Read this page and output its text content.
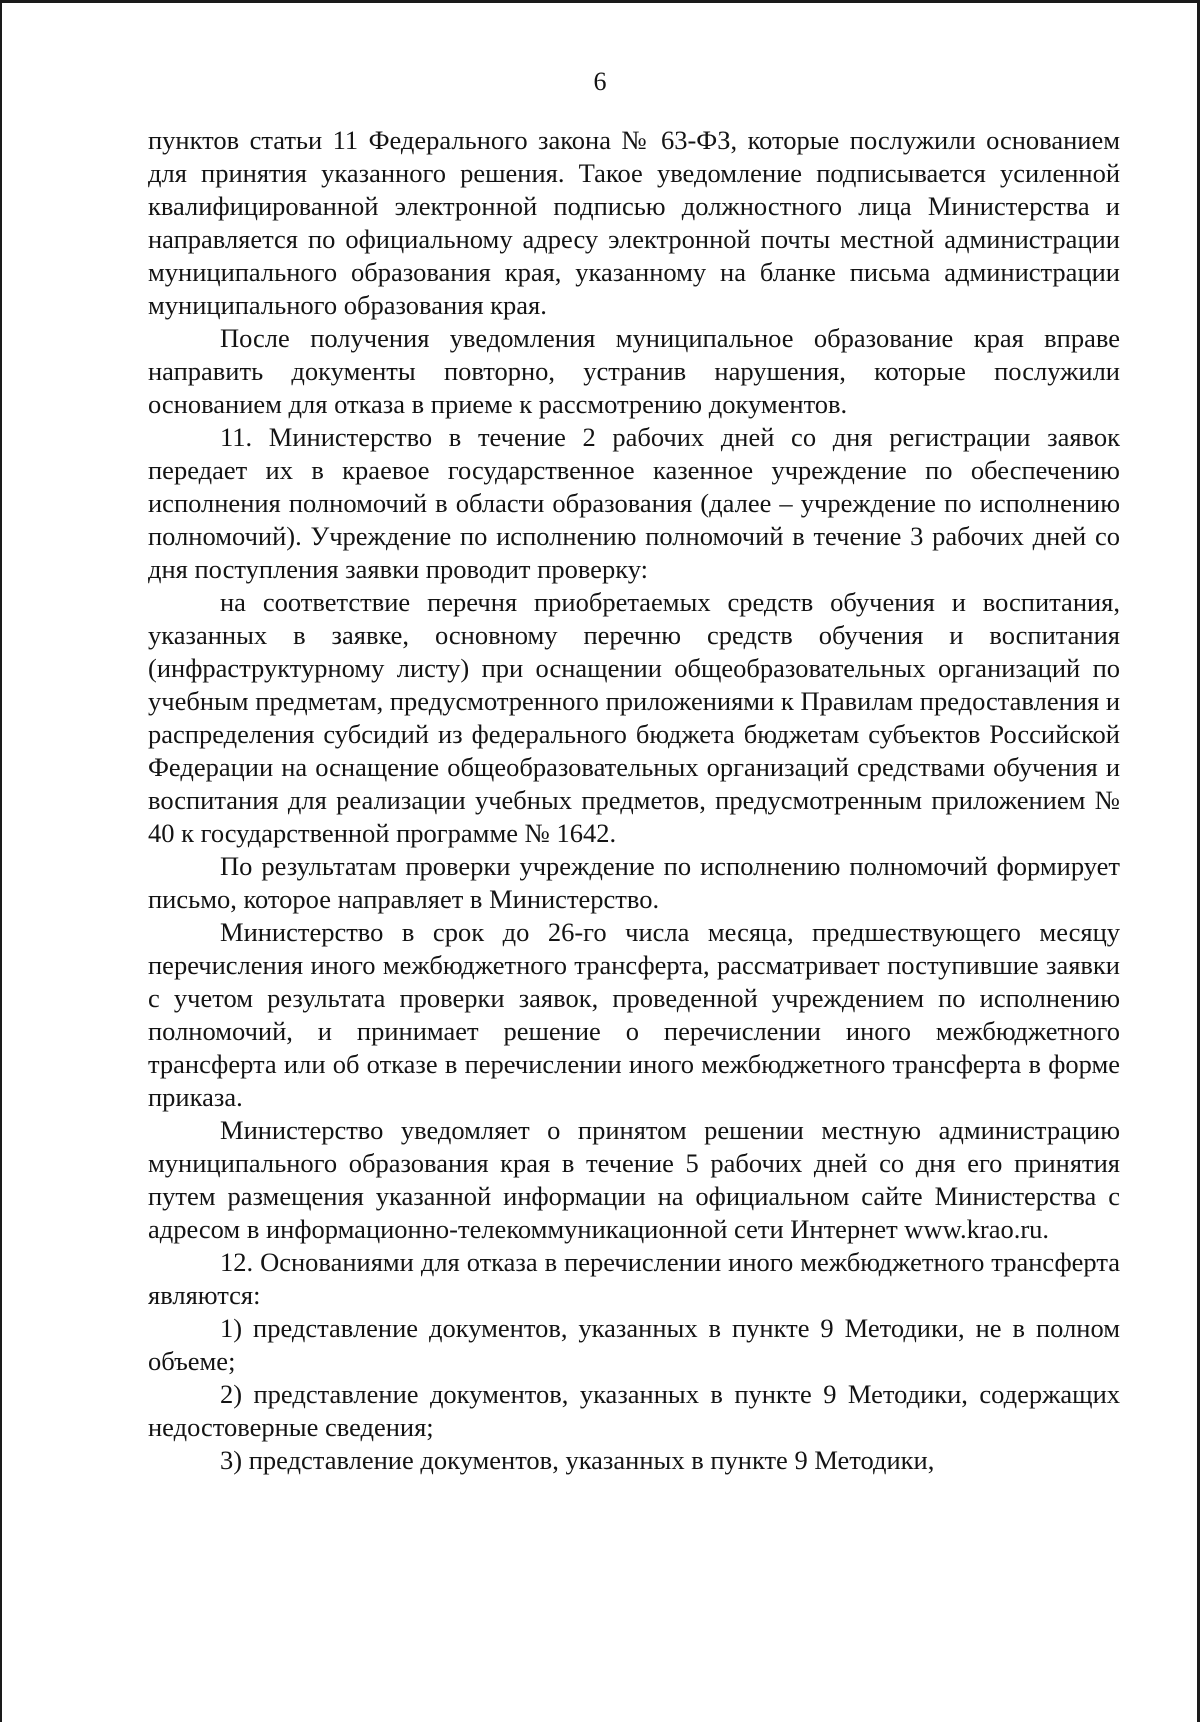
6

пунктов статьи 11 Федерального закона № 63-ФЗ, которые послужили основанием для принятия указанного решения. Такое уведомление подписывается усиленной квалифицированной электронной подписью должностного лица Министерства и направляется по официальному адресу электронной почты местной администрации муниципального образования края, указанному на бланке письма администрации муниципального образования края.

После получения уведомления муниципальное образование края вправе направить документы повторно, устранив нарушения, которые послужили основанием для отказа в приеме к рассмотрению документов.

11. Министерство в течение 2 рабочих дней со дня регистрации заявок передает их в краевое государственное казенное учреждение по обеспечению исполнения полномочий в области образования (далее – учреждение по исполнению полномочий). Учреждение по исполнению полномочий в течение 3 рабочих дней со дня поступления заявки проводит проверку:

на соответствие перечня приобретаемых средств обучения и воспитания, указанных в заявке, основному перечню средств обучения и воспитания (инфраструктурному листу) при оснащении общеобразовательных организаций по учебным предметам, предусмотренного приложениями к Правилам предоставления и распределения субсидий из федерального бюджета бюджетам субъектов Российской Федерации на оснащение общеобразовательных организаций средствами обучения и воспитания для реализации учебных предметов, предусмотренным приложением № 40 к государственной программе № 1642.

По результатам проверки учреждение по исполнению полномочий формирует письмо, которое направляет в Министерство.

Министерство в срок до 26-го числа месяца, предшествующего месяцу перечисления иного межбюджетного трансферта, рассматривает поступившие заявки с учетом результата проверки заявок, проведенной учреждением по исполнению полномочий, и принимает решение о перечислении иного межбюджетного трансферта или об отказе в перечислении иного межбюджетного трансферта в форме приказа.

Министерство уведомляет о принятом решении местную администрацию муниципального образования края в течение 5 рабочих дней со дня его принятия путем размещения указанной информации на официальном сайте Министерства с адресом в информационно-телекоммуникационной сети Интернет www.krao.ru.

12. Основаниями для отказа в перечислении иного межбюджетного трансферта являются:

1) представление документов, указанных в пункте 9 Методики, не в полном объеме;

2) представление документов, указанных в пункте 9 Методики, содержащих недостоверные сведения;

3) представление документов, указанных в пункте 9 Методики,
